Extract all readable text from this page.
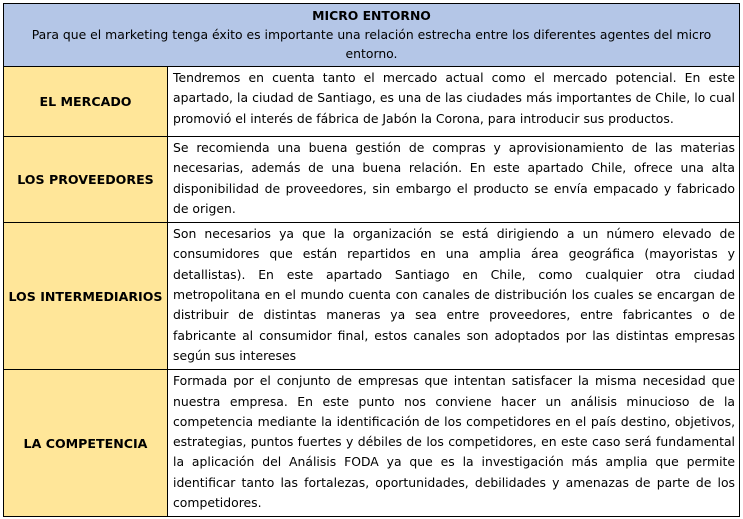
MICRO ENTORNO
Para que el marketing tenga éxito es importante una relación estrecha entre los diferentes agentes del micro entorno.	

EL MERCADO	Tendremos en cuenta tanto el mercado actual como el mercado potencial. En este apartado, la ciudad de Santiago, es una de las ciudades más importantes de Chile, lo cual promovió el interés de fábrica de Jabón la Corona, para introducir sus productos.
LOS PROVEEDORES	Se recomienda una buena gestión de compras y aprovisionamiento de las materias necesarias, además de una buena relación. En este apartado Chile, ofrece una alta disponibilidad de proveedores, sin embargo el producto se envía empacado y fabricado de origen.
LOS INTERMEDIARIOS	Son necesarios ya que la organización se está dirigiendo a un número elevado de consumidores que están repartidos en una amplia área geográfica (mayoristas y detallistas). En este apartado Santiago en Chile, como cualquier otra ciudad metropolitana en el mundo cuenta con canales de distribución los cuales se encargan de distribuir de distintas maneras ya sea entre proveedores, entre fabricantes o de fabricante al consumidor final, estos canales son adoptados por las distintas empresas según sus intereses
LA COMPETENCIA	Formada por el conjunto de empresas que intentan satisfacer la misma necesidad que nuestra empresa. En este punto nos conviene hacer un análisis minucioso de la competencia mediante la identificación de los competidores en el país destino, objetivos, estrategias, puntos fuertes y débiles de los competidores, en este caso será fundamental la aplicación del Análisis FODA ya que es la investigación más amplia que permite identificar tanto las fortalezas, oportunidades, debilidades y amenazas de parte de los competidores.
